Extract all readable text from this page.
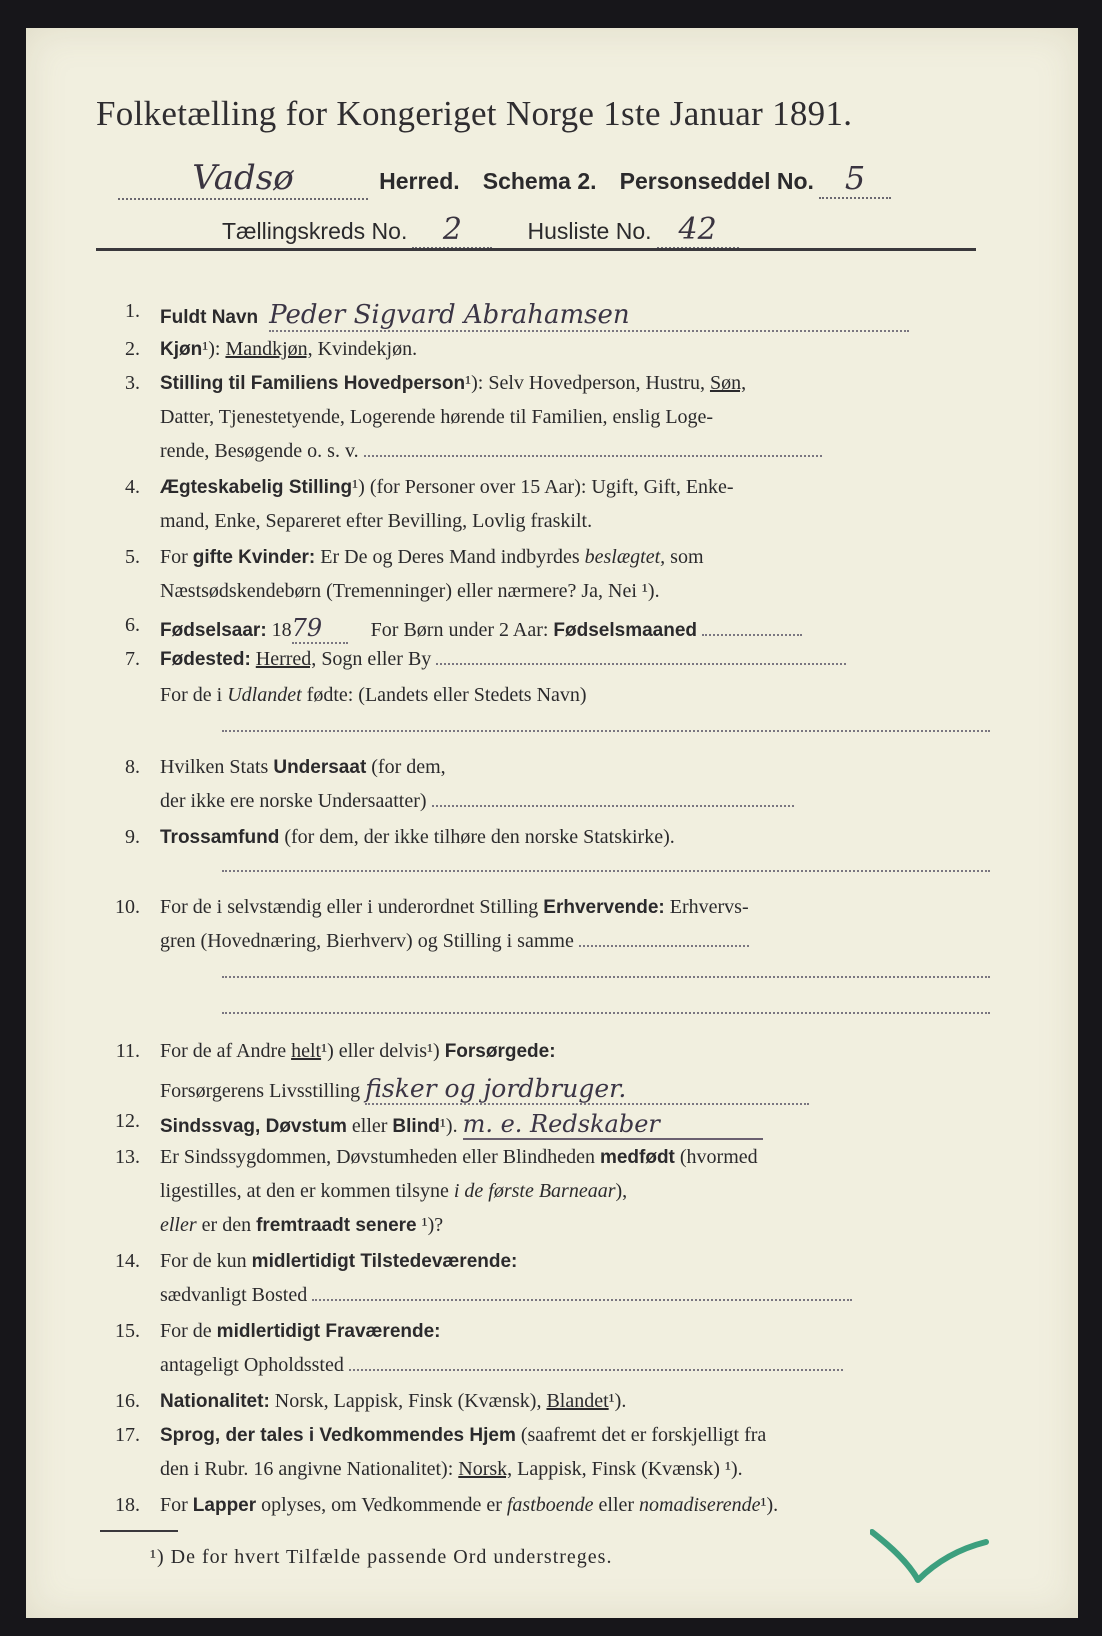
Folketælling for Kongeriget Norge 1ste Januar 1891.
Vadsø	Herred. Schema 2. Personseddel No. 5
Tællingskreds No. 2	Husliste No. 42
1. Fuldt Navn Peder Sigvard Abrahamsen
2. Kjøn¹): Mandkjøn, Kvindekjøn.
3. Stilling til Familiens Hovedperson¹): Selv Hovedperson, Hustru, Søn,
Datter, Tjenestetyende, Logerende hørende til Familien, enslig Loge-
rende, Besøgende o. s. v.
4. Ægteskabelig Stilling¹) (for Personer over 15 Aar): Ugift, Gift, Enke-
mand, Enke, Separeret efter Bevilling, Lovlig fraskilt.
5. For gifte Kvinder: Er De og Deres Mand indbyrdes beslægtet, som
Næstsødskendebørn (Tremenninger) eller nærmere? Ja, Nei ¹).
6. Fødselsaar: 1879 For Børn under 2 Aar: Fødselsmaaned
7. Fødested: Herred, Sogn eller By
For de i Udlandet fødte: (Landets eller Stedets Navn)
8. Hvilken Stats Undersaat (for dem,
der ikke ere norske Undersaatter)
9. Trossamfund (for dem, der ikke tilhøre den norske Statskirke).
10. For de i selvstændig eller i underordnet Stilling Erhvervende: Erhvervs-
gren (Hovednæring, Bierhverv) og Stilling i samme
11. For de af Andre helt¹) eller delvis¹) Forsørgede:
Forsørgerens Livsstilling fisker og jordbruger.
12. Sindssvag, Døvstum eller Blind¹). m. e. Redskaber
13. Er Sindssygdommen, Døvstumheden eller Blindheden medfødt (hvormed
ligestilles, at den er kommen tilsyne i de første Barneaar),
eller er den fremtraadt senere ¹)?
14. For de kun midlertidigt Tilstedeværende:
sædvanligt Bosted
15. For de midlertidigt Fraværende:
antageligt Opholdssted
16. Nationalitet: Norsk, Lappisk, Finsk (Kvænsk), Blandet¹).
17. Sprog, der tales i Vedkommendes Hjem (saafremt det er forskjelligt fra
den i Rubr. 16 angivne Nationalitet): Norsk, Lappisk, Finsk (Kvænsk) ¹).
18. For Lapper oplyses, om Vedkommende er fastboende eller nomadiserende¹).
¹) De for hvert Tilfælde passende Ord understreges.
